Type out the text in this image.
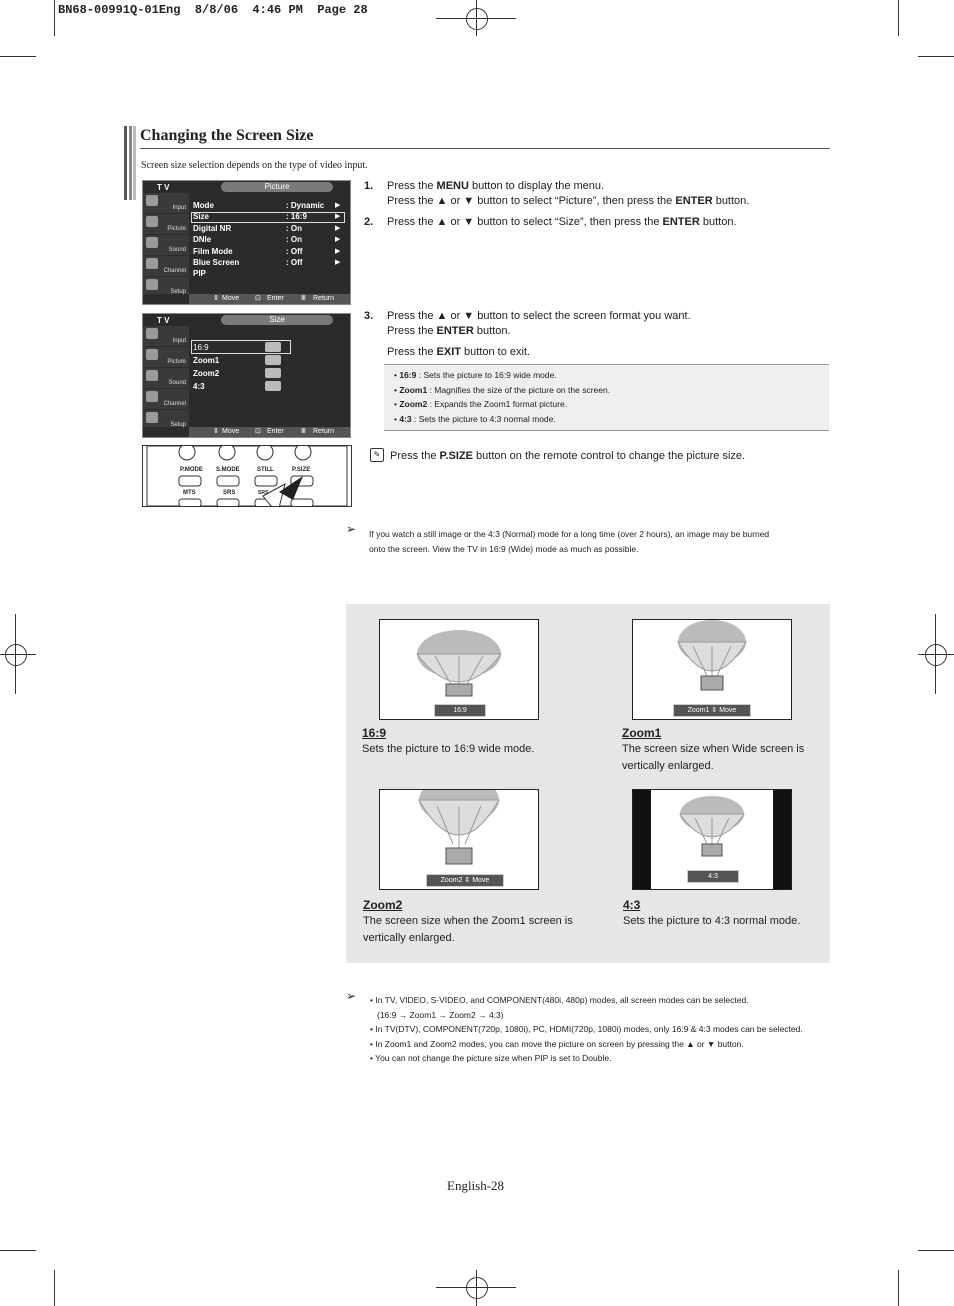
BN68-00991Q-01Eng  8/8/06  4:46 PM  Page 28
Changing the Screen Size
Screen size selection depends on the type of video input.
T V	Picture
Input
Picture
Sound
Channel
Setup
Mode	: Dynamic ▶
Size	: 16:9	▶
Digital NR	: On	▶
DNIe	: On	▶
Film Mode	: Off	▶
Blue Screen	: Off	▶
PIP
⇕ Move ⊡ Enter Ⅲ Return
T V	Size
Input
Picture
Sound
Channel
Setup
16:9
Zoom1
Zoom2
4:3
⇕ Move ⊡ Enter Ⅲ Return
P.MODE S.MODE	STILL	P.SIZE
MTS	SRS	SRS
1. Press the MENU button to display the menu.
Press the ▲ or ▼ button to select “Picture”, then press the ENTER button.
2. Press the ▲ or ▼ button to select “Size”, then press the ENTER button.
3. Press the ▲ or ▼ button to select the screen format you want.
Press the ENTER button.
Press the EXIT button to exit.
• 16:9 : Sets the picture to 16:9 wide mode.
• Zoom1 : Magnifies the size of the picture on the screen.
• Zoom2 : Expands the Zoom1 format picture.
• 4:3 : Sets the picture to 4:3 normal mode.
✎ Press the P.SIZE button on the remote control to change the picture size.
➢ If you watch a still image or the 4:3 (Normal) mode for a long time (over 2 hours), an image may be burned
onto the screen. View the TV in 16:9 (Wide) mode as much as possible.
16:9
16:9
Sets the picture to 16:9 wide mode.
Zoom1 ⇕ Move
Zoom1
The screen size when Wide screen is
vertically enlarged.
Zoom2 ⇕ Move
Zoom2
The screen size when the Zoom1 screen is
vertically enlarged.
4:3
4:3
Sets the picture to 4:3 normal mode.
➢ • In TV, VIDEO, S-VIDEO, and COMPONENT(480i, 480p) modes, all screen modes can be selected.
(16:9 → Zoom1 → Zoom2 → 4:3)
• In TV(DTV), COMPONENT(720p, 1080i), PC, HDMI(720p, 1080i) modes, only 16:9 & 4:3 modes can be selected.
• In Zoom1 and Zoom2 modes, you can move the picture on screen by pressing the ▲ or ▼ button.
• You can not change the picture size when PIP is set to Double.
English-28
